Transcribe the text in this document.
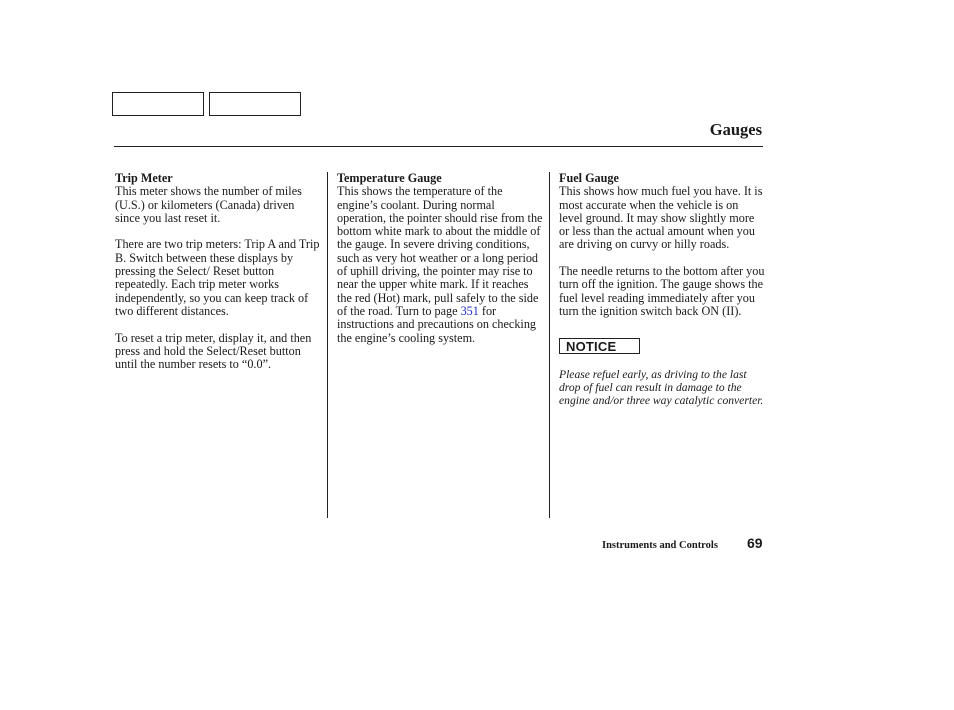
Gauges
Trip Meter

This meter shows the number of miles (U.S.) or kilometers (Canada) driven since you last reset it.

There are two trip meters: Trip A and Trip B. Switch between these displays by pressing the Select/ Reset button repeatedly. Each trip meter works independently, so you can keep track of two different distances.

To reset a trip meter, display it, and then press and hold the Select/Reset button until the number resets to “0.0”.

Temperature Gauge

This shows the temperature of the engine’s coolant. During normal operation, the pointer should rise from the bottom white mark to about the middle of the gauge. In severe driving conditions, such as very hot weather or a long period of uphill driving, the pointer may rise to near the upper white mark. If it reaches the red (Hot) mark, pull safely to the side of the road. Turn to page 351 for instructions and precautions on checking the engine’s cooling system.

Fuel Gauge

This shows how much fuel you have. It is most accurate when the vehicle is on level ground. It may show slightly more or less than the actual amount when you are driving on curvy or hilly roads.

The needle returns to the bottom after you turn off the ignition. The gauge shows the fuel level reading immediately after you turn the ignition switch back ON (II).

NOTICE

Please refuel early, as driving to the last drop of fuel can result in damage to the engine and/or three way catalytic converter.

Instruments and Controls 69
